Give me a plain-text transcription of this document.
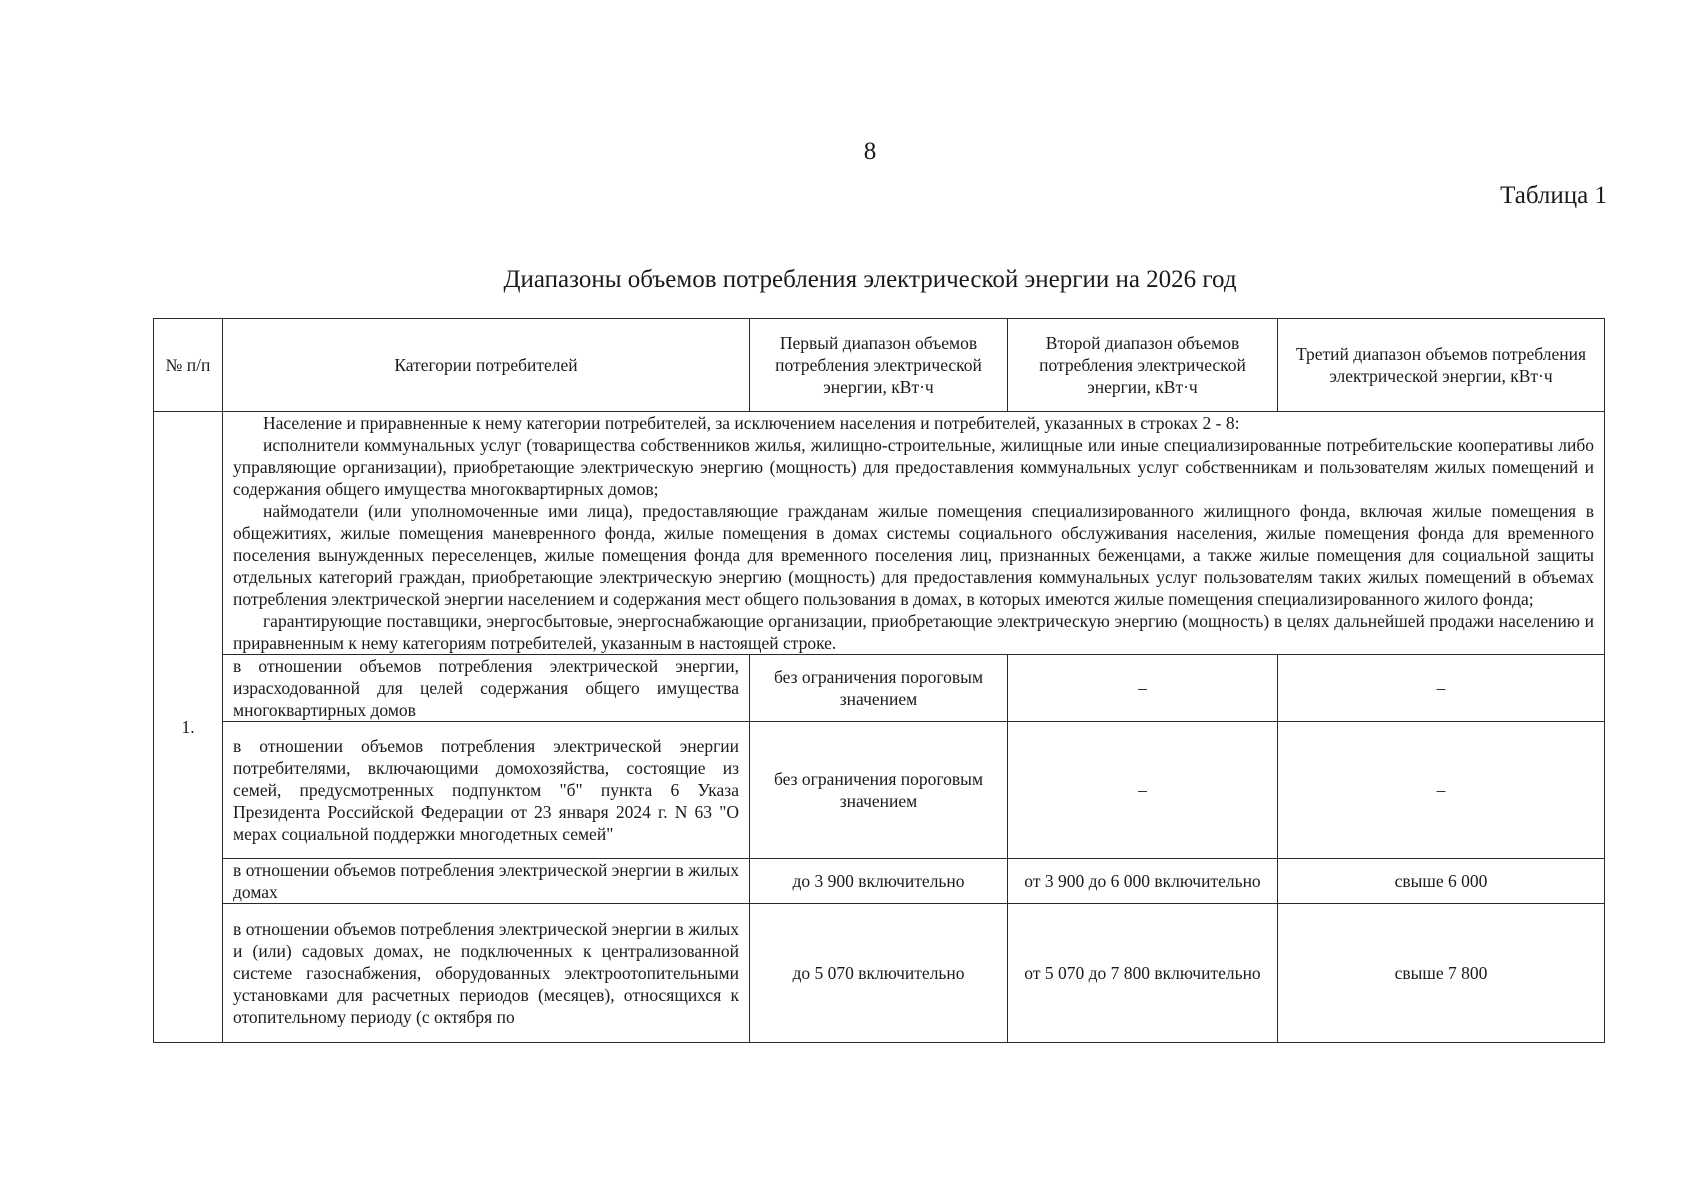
8
Таблица 1
Диапазоны объемов потребления электрической энергии на 2026 год
№ п/п	Категории потребителей	Первый диапазон объемов потребления электрической энергии, кВт·ч	Второй диапазон объемов потребления электрической энергии, кВт·ч	Третий диапазон объемов потребления электрической энергии, кВт·ч
1.	Население и приравненные к нему категории потребителей, за исключением населения и потребителей, указанных в строках 2 - 8:

исполнители коммунальных услуг (товарищества собственников жилья, жилищно-строительные, жилищные или иные специализированные потребительские кооперативы либо управляющие организации), приобретающие электрическую энергию (мощность) для предоставления коммунальных услуг собственникам и пользователям жилых помещений и содержания общего имущества многоквартирных домов;

наймодатели (или уполномоченные ими лица), предоставляющие гражданам жилые помещения специализированного жилищного фонда, включая жилые помещения в общежитиях, жилые помещения маневренного фонда, жилые помещения в домах системы социального обслуживания населения, жилые помещения фонда для временного поселения вынужденных переселенцев, жилые помещения фонда для временного поселения лиц, признанных беженцами, а также жилые помещения для социальной защиты отдельных категорий граждан, приобретающие электрическую энергию (мощность) для предоставления коммунальных услуг пользователям таких жилых помещений в объемах потребления электрической энергии населением и содержания мест общего пользования в домах, в которых имеются жилые помещения специализированного жилого фонда;

гарантирующие поставщики, энергосбытовые, энергоснабжающие организации, приобретающие электрическую энергию (мощность) в целях дальнейшей продажи населению и приравненным к нему категориям потребителей, указанным в настоящей строке.			

	в отношении объемов потребления электрической энергии, израсходованной для целей содержания общего имущества многоквартирных домов	без ограничения пороговым значением	–	–
	в отношении объемов потребления электрической энергии потребителями, включающими домохозяйства, состоящие из семей, предусмотренных подпунктом "б" пункта 6 Указа Президента Российской Федерации от 23 января 2024 г. N 63 "О мерах социальной поддержки многодетных семей"	без ограничения пороговым значением	–	–
	в отношении объемов потребления электрической энергии в жилых домах	до 3 900 включительно	от 3 900 до 6 000 включительно	свыше 6 000

	в отношении объемов потребления электрической энергии в жилых и (или) садовых домах, не подключенных к централизованной системе газоснабжения, оборудованных электроотопительными установками для расчетных периодов (месяцев), относящихся к отопительному периоду (с октября по	до 5 070 включительно	от 5 070 до 7 800 включительно	свыше 7 800
